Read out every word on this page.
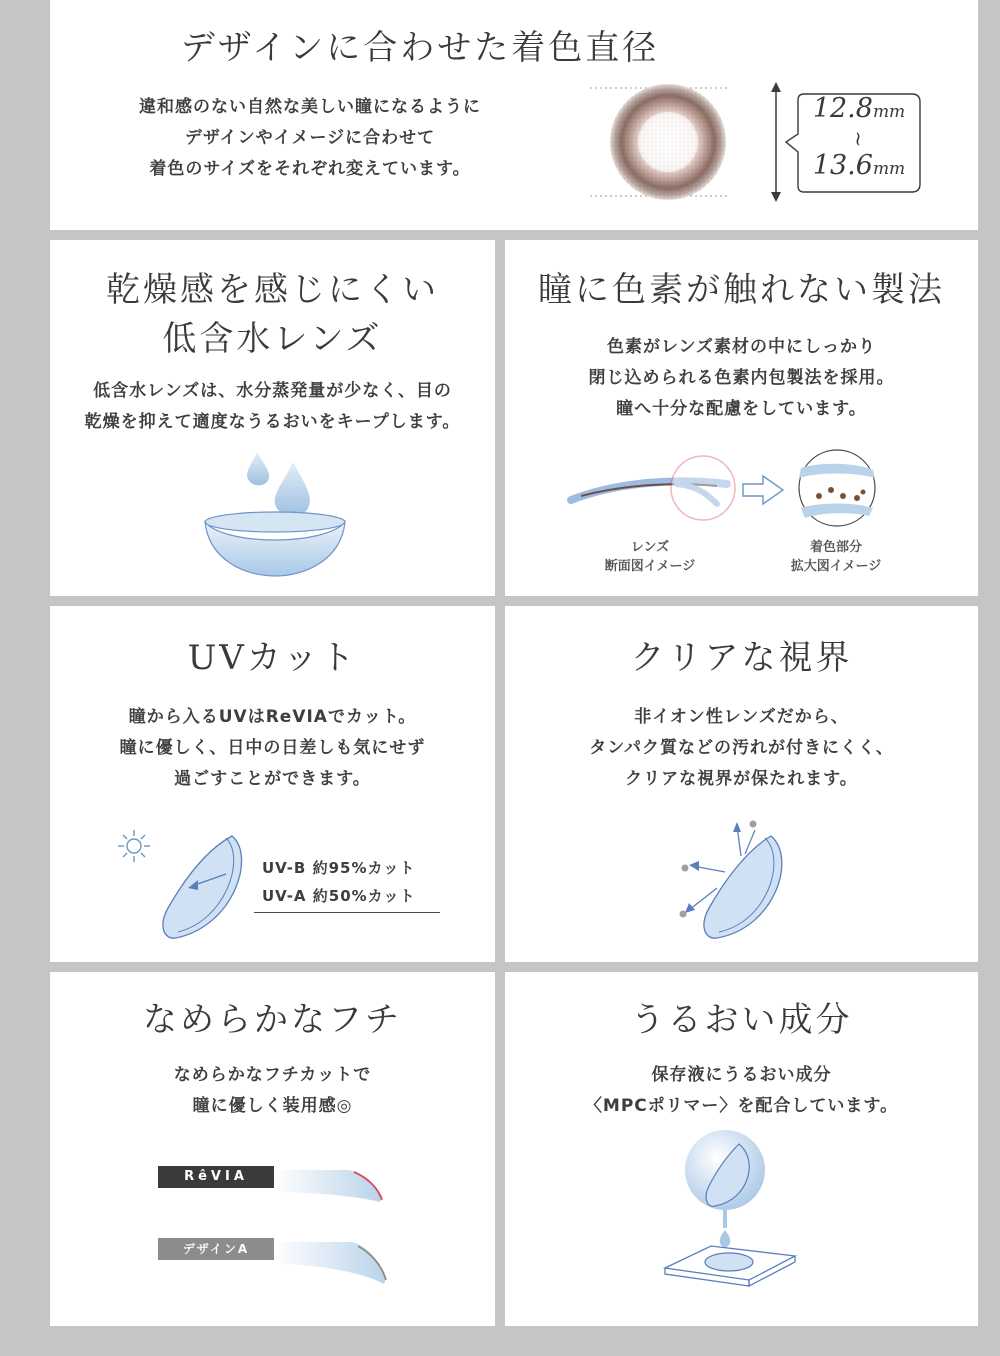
デザインに合わせた着色直径
違和感のない自然な美しい瞳になるように
デザインやイメージに合わせて
着色のサイズをそれぞれ変えています。
12.8mm
~
13.6mm
乾燥感を感じにくい
低含水レンズ
低含水レンズは、水分蒸発量が少なく、目の
乾燥を抑えて適度なうるおいをキープします。
瞳に色素が触れない製法
色素がレンズ素材の中にしっかり
閉じ込められる色素内包製法を採用。
瞳へ十分な配慮をしています。
レンズ
断面図イメージ
着色部分
拡大図イメージ
UVカット
瞳から入るUVはReVIAでカット。
瞳に優しく、日中の日差しも気にせず
過ごすことができます。
UV-B 約95%カット
UV-A 約50%カット
クリアな視界
非イオン性レンズだから、
タンパク質などの汚れが付きにくく、
クリアな視界が保たれます。
なめらかなフチ
なめらかなフチカットで
瞳に優しく装用感◎
RêVIA
デザインA
うるおい成分
保存液にうるおい成分
〈MPCポリマー〉を配合しています。
